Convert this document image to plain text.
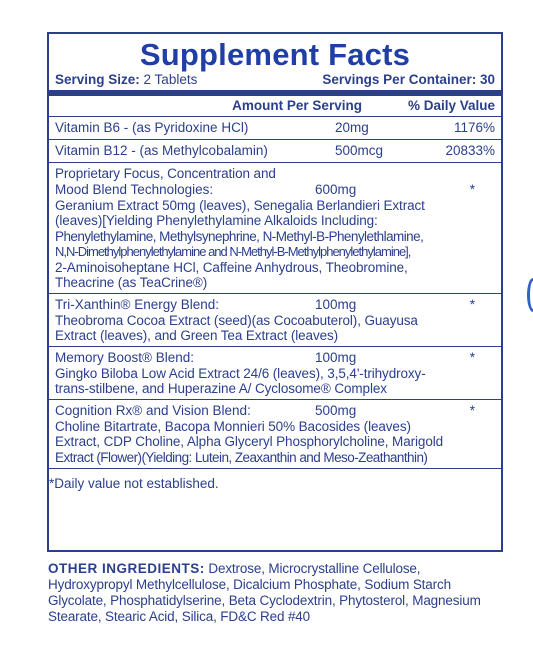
Supplement Facts
Serving Size: 2 Tablets	Servings Per Container: 30
Amount Per Serving	% Daily Value
Vitamin B6 - (as Pyridoxine HCl)	20mg	1176%
Vitamin B12 - (as Methylcobalamin)	500mcg	20833%
Proprietary Focus, Concentration and
Mood Blend Technologies:	600mg	*
Geranium Extract 50mg (leaves), Senegalia Berlandieri Extract
(leaves)[Yielding Phenylethylamine Alkaloids Including:
Phenylethylamine, Methylsynephrine, N-Methyl-B-Phenylethlamine,
N,N-Dimethylphenylethylamine and N-Methyl-B-Methylphenylethylamine],
2-Aminoisoheptane HCl, Caffeine Anhydrous, Theobromine,
Theacrine (as TeaCrine®)
Tri-Xanthin® Energy Blend:	100mg	*
Theobroma Cocoa Extract (seed)(as Cocoabuterol), Guayusa
Extract (leaves), and Green Tea Extract (leaves)
Memory Boost® Blend:	100mg	*
Gingko Biloba Low Acid Extract 24/6 (leaves), 3,5,4'-trihydroxy-
trans-stilbene, and Huperazine A/ Cyclosome® Complex
Cognition Rx® and Vision Blend:	500mg	*
Choline Bitartrate, Bacopa Monnieri 50% Bacosides (leaves)
Extract, CDP Choline, Alpha Glyceryl Phosphorylcholine, Marigold
Extract (Flower)(Yielding: Lutein, Zeaxanthin and Meso-Zeathanthin)
*Daily value not established.
OTHER INGREDIENTS: Dextrose, Microcrystalline Cellulose, Hydroxypropyl Methylcellulose, Dicalcium Phosphate, Sodium Starch Glycolate, Phosphatidylserine, Beta Cyclodextrin, Phytosterol, Magnesium Stearate, Stearic Acid, Silica, FD&C Red #40
